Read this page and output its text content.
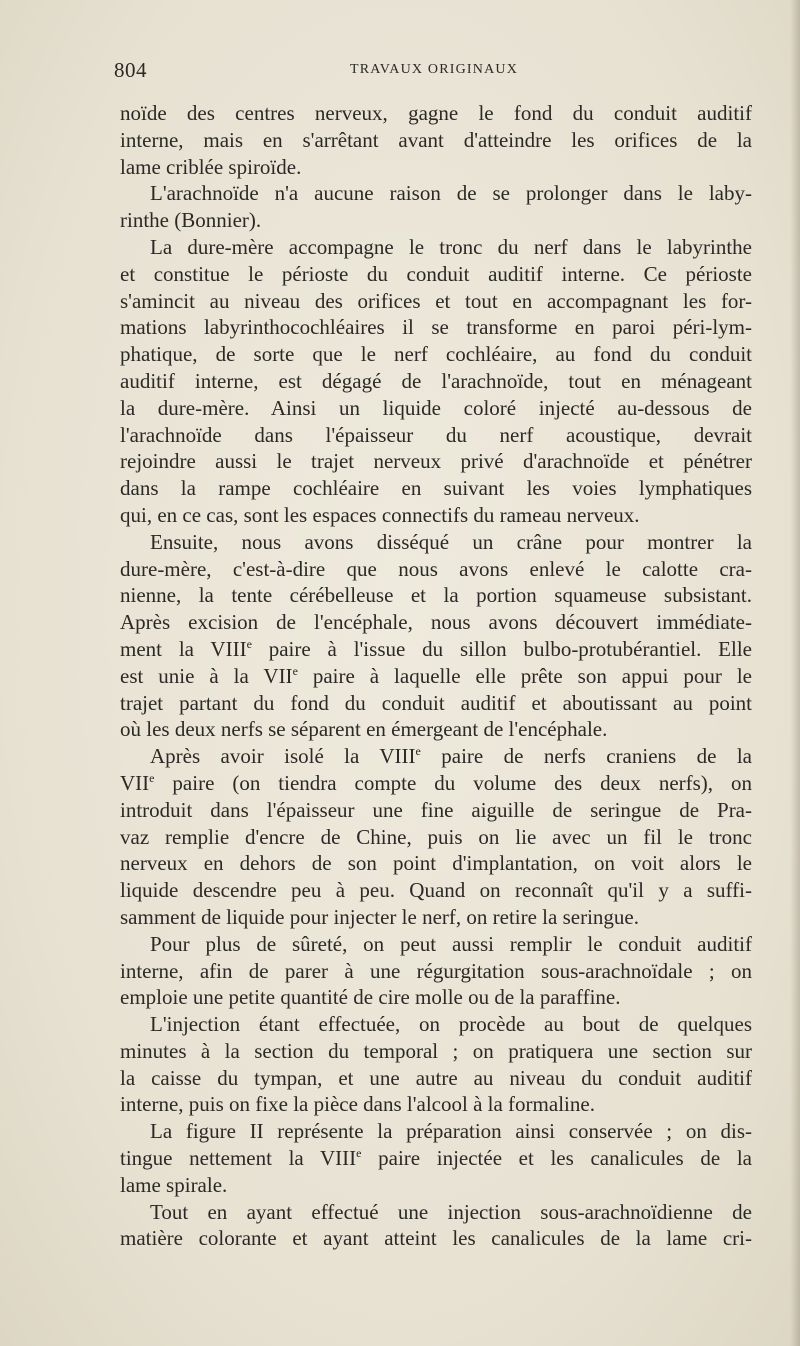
804	TRAVAUX ORIGINAUX
noïde des centres nerveux, gagne le fond du conduit auditif
interne, mais en s'arrêtant avant d'atteindre les orifices de la
lame criblée spiroïde.
L'arachnoïde n'a aucune raison de se prolonger dans le laby-
rinthe (Bonnier).
La dure-mère accompagne le tronc du nerf dans le labyrinthe
et constitue le périoste du conduit auditif interne. Ce périoste
s'amincit au niveau des orifices et tout en accompagnant les for-
mations labyrinthocochléaires il se transforme en paroi péri-lym-
phatique, de sorte que le nerf cochléaire, au fond du conduit
auditif interne, est dégagé de l'arachnoïde, tout en ménageant
la dure-mère. Ainsi un liquide coloré injecté au-dessous de
l'arachnoïde dans l'épaisseur du nerf acoustique, devrait
rejoindre aussi le trajet nerveux privé d'arachnoïde et pénétrer
dans la rampe cochléaire en suivant les voies lymphatiques
qui, en ce cas, sont les espaces connectifs du rameau nerveux.
Ensuite, nous avons disséqué un crâne pour montrer la
dure-mère, c'est-à-dire que nous avons enlevé le calotte cra-
nienne, la tente cérébelleuse et la portion squameuse subsistant.
Après excision de l'encéphale, nous avons découvert immédiate-
ment la VIIIe paire à l'issue du sillon bulbo-protubérantiel. Elle
est unie à la VIIe paire à laquelle elle prête son appui pour le
trajet partant du fond du conduit auditif et aboutissant au point
où les deux nerfs se séparent en émergeant de l'encéphale.
Après avoir isolé la VIIIe paire de nerfs craniens de la
VIIe paire (on tiendra compte du volume des deux nerfs), on
introduit dans l'épaisseur une fine aiguille de seringue de Pra-
vaz remplie d'encre de Chine, puis on lie avec un fil le tronc
nerveux en dehors de son point d'implantation, on voit alors le
liquide descendre peu à peu. Quand on reconnaît qu'il y a suffi-
samment de liquide pour injecter le nerf, on retire la seringue.
Pour plus de sûreté, on peut aussi remplir le conduit auditif
interne, afin de parer à une régurgitation sous-arachnoïdale ; on
emploie une petite quantité de cire molle ou de la paraffine.
L'injection étant effectuée, on procède au bout de quelques
minutes à la section du temporal ; on pratiquera une section sur
la caisse du tympan, et une autre au niveau du conduit auditif
interne, puis on fixe la pièce dans l'alcool à la formaline.
La figure II représente la préparation ainsi conservée ; on dis-
tingue nettement la VIIIe paire injectée et les canalicules de la
lame spirale.
Tout en ayant effectué une injection sous-arachnoïdienne de
matière colorante et ayant atteint les canalicules de la lame cri-
